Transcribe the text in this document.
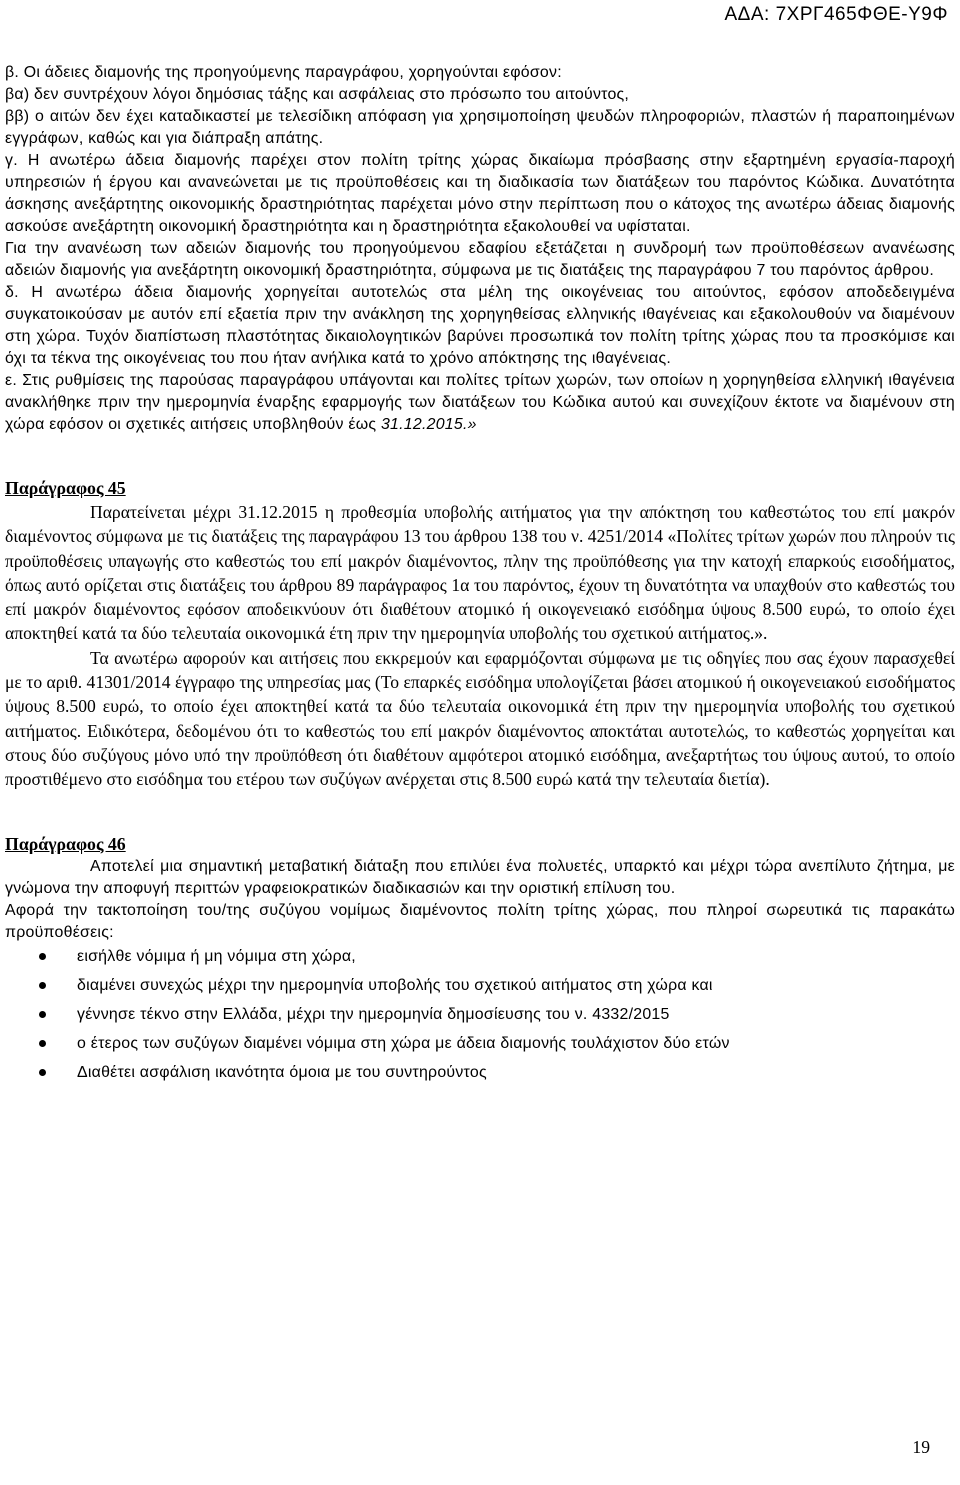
ΑΔΑ: 7ΧΡΓ465ΦΘΕ-Υ9Φ

β. Οι άδειες διαμονής της προηγούμενης παραγράφου, χορηγούνται εφόσον:

βα) δεν συντρέχουν λόγοι δημόσιας τάξης και ασφάλειας στο πρόσωπο του αιτούντος,

ββ) ο αιτών δεν έχει καταδικαστεί με τελεσίδικη απόφαση για χρησιμοποίηση ψευδών πληροφοριών, πλαστών ή παραποιημένων εγγράφων, καθώς και για διάπραξη απάτης.

γ. Η ανωτέρω άδεια διαμονής παρέχει στον πολίτη τρίτης χώρας δικαίωμα πρόσβασης στην εξαρτημένη εργασία-παροχή υπηρεσιών ή έργου και ανανεώνεται με τις προϋποθέσεις και τη διαδικασία των διατάξεων του παρόντος Κώδικα. Δυνατότητα άσκησης ανεξάρτητης οικονομικής δραστηριότητας παρέχεται μόνο στην περίπτωση που ο κάτοχος της ανωτέρω άδειας διαμονής ασκούσε ανεξάρτητη οικονομική δραστηριότητα και η δραστηριότητα εξακολουθεί να υφίσταται.

Για την ανανέωση των αδειών διαμονής του προηγούμενου εδαφίου εξετάζεται η συνδρομή των προϋποθέσεων ανανέωσης αδειών διαμονής για ανεξάρτητη οικονομική δραστηριότητα, σύμφωνα με τις διατάξεις της παραγράφου 7 του παρόντος άρθρου.

δ. Η ανωτέρω άδεια διαμονής χορηγείται αυτοτελώς στα μέλη της οικογένειας του αιτούντος, εφόσον αποδεδειγμένα συγκατοικούσαν με αυτόν επί εξαετία πριν την ανάκληση της χορηγηθείσας ελληνικής ιθαγένειας και εξακολουθούν να διαμένουν στη χώρα. Τυχόν διαπίστωση πλαστότητας δικαιολογητικών βαρύνει προσωπικά τον πολίτη τρίτης χώρας που τα προσκόμισε και όχι τα τέκνα της οικογένειας του που ήταν ανήλικα κατά το χρόνο απόκτησης της ιθαγένειας.

ε. Στις ρυθμίσεις της παρούσας παραγράφου υπάγονται και πολίτες τρίτων χωρών, των οποίων η χορηγηθείσα ελληνική ιθαγένεια ανακλήθηκε πριν την ημερομηνία έναρξης εφαρμογής των διατάξεων του Κώδικα αυτού και συνεχίζουν έκτοτε να διαμένουν στη χώρα εφόσον οι σχετικές αιτήσεις υποβληθούν έως 31.12.2015.»

Παράγραφος 45

Παρατείνεται μέχρι 31.12.2015 η προθεσμία υποβολής αιτήματος για την απόκτηση του καθεστώτος του επί μακρόν διαμένοντος σύμφωνα με τις διατάξεις της παραγράφου 13 του άρθρου 138 του ν. 4251/2014 «Πολίτες τρίτων χωρών που πληρούν τις προϋποθέσεις υπαγωγής στο καθεστώς του επί μακρόν διαμένοντος, πλην της προϋπόθεσης για την κατοχή επαρκούς εισοδήματος, όπως αυτό ορίζεται στις διατάξεις του άρθρου 89 παράγραφος 1α του παρόντος, έχουν τη δυνατότητα να υπαχθούν στο καθεστώς του επί μακρόν διαμένοντος εφόσον αποδεικνύουν ότι διαθέτουν ατομικό ή οικογενειακό εισόδημα ύψους 8.500 ευρώ, το οποίο έχει αποκτηθεί κατά τα δύο τελευταία οικονομικά έτη πριν την ημερομηνία υποβολής του σχετικού αιτήματος.».

Τα ανωτέρω αφορούν και αιτήσεις που εκκρεμούν και εφαρμόζονται σύμφωνα με τις οδηγίες που σας έχουν παρασχεθεί με το αριθ. 41301/2014 έγγραφο της υπηρεσίας μας (Το επαρκές εισόδημα υπολογίζεται βάσει ατομικού ή οικογενειακού εισοδήματος ύψους 8.500 ευρώ, το οποίο έχει αποκτηθεί κατά τα δύο τελευταία οικονομικά έτη πριν την ημερομηνία υποβολής του σχετικού αιτήματος. Ειδικότερα, δεδομένου ότι το καθεστώς του επί μακρόν διαμένοντος αποκτάται αυτοτελώς, το καθεστώς χορηγείται και στους δύο συζύγους μόνο υπό την προϋπόθεση ότι διαθέτουν αμφότεροι ατομικό εισόδημα, ανεξαρτήτως του ύψους αυτού, το οποίο προστιθέμενο στο εισόδημα του ετέρου των συζύγων ανέρχεται στις 8.500 ευρώ κατά την τελευταία διετία).

Παράγραφος 46

Αποτελεί μια σημαντική μεταβατική διάταξη που επιλύει ένα πολυετές, υπαρκτό και μέχρι τώρα ανεπίλυτο ζήτημα, με γνώμονα την αποφυγή περιττών γραφειοκρατικών διαδικασιών και την οριστική επίλυση του.

Αφορά την τακτοποίηση του/της συζύγου νομίμως διαμένοντος πολίτη τρίτης χώρας, που πληροί σωρευτικά τις παρακάτω προϋποθέσεις:

εισήλθε νόμιμα ή μη νόμιμα στη χώρα,
διαμένει συνεχώς μέχρι την ημερομηνία υποβολής του σχετικού αιτήματος στη χώρα και
γέννησε τέκνο στην Ελλάδα, μέχρι την ημερομηνία δημοσίευσης του ν. 4332/2015
ο έτερος των συζύγων διαμένει νόμιμα στη χώρα με άδεια διαμονής τουλάχιστον δύο ετών
Διαθέτει ασφάλιση ικανότητα όμοια με του συντηρούντος
19
